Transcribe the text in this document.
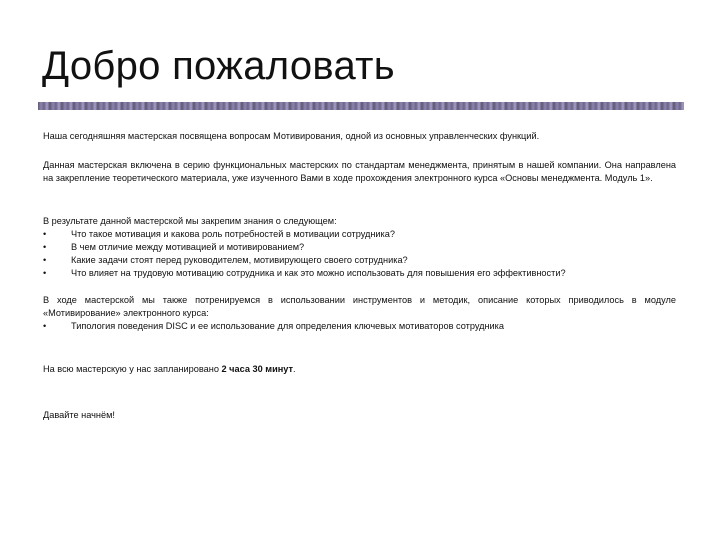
Добро пожаловать

Наша сегодняшняя мастерская посвящена вопросам Мотивирования, одной из основных управленческих функций.

Данная мастерская включена в серию функциональных мастерских по стандартам менеджмента, принятым в нашей компании. Она направлена на закрепление теоретического материала, уже изученного Вами в ходе прохождения электронного курса «Основы менеджмента. Модуль 1».

В результате данной мастерской мы закрепим знания о следующем:

•	Что такое мотивация и какова роль потребностей в мотивации сотрудника?
•	В чем отличие между мотивацией и мотивированием?
•	Какие задачи стоят перед руководителем, мотивирующего своего сотрудника?
•	Что влияет на трудовую мотивацию сотрудника и как это можно использовать для повышения его эффективности?

В ходе мастерской мы также потренируемся в использовании инструментов и методик, описание которых приводилось в модуле «Мотивирование» электронного курса:

•	Типология поведения DISC и ее использование для определения ключевых мотиваторов сотрудника

На всю мастерскую у нас запланировано 2 часа 30 минут.

Давайте начнём!
